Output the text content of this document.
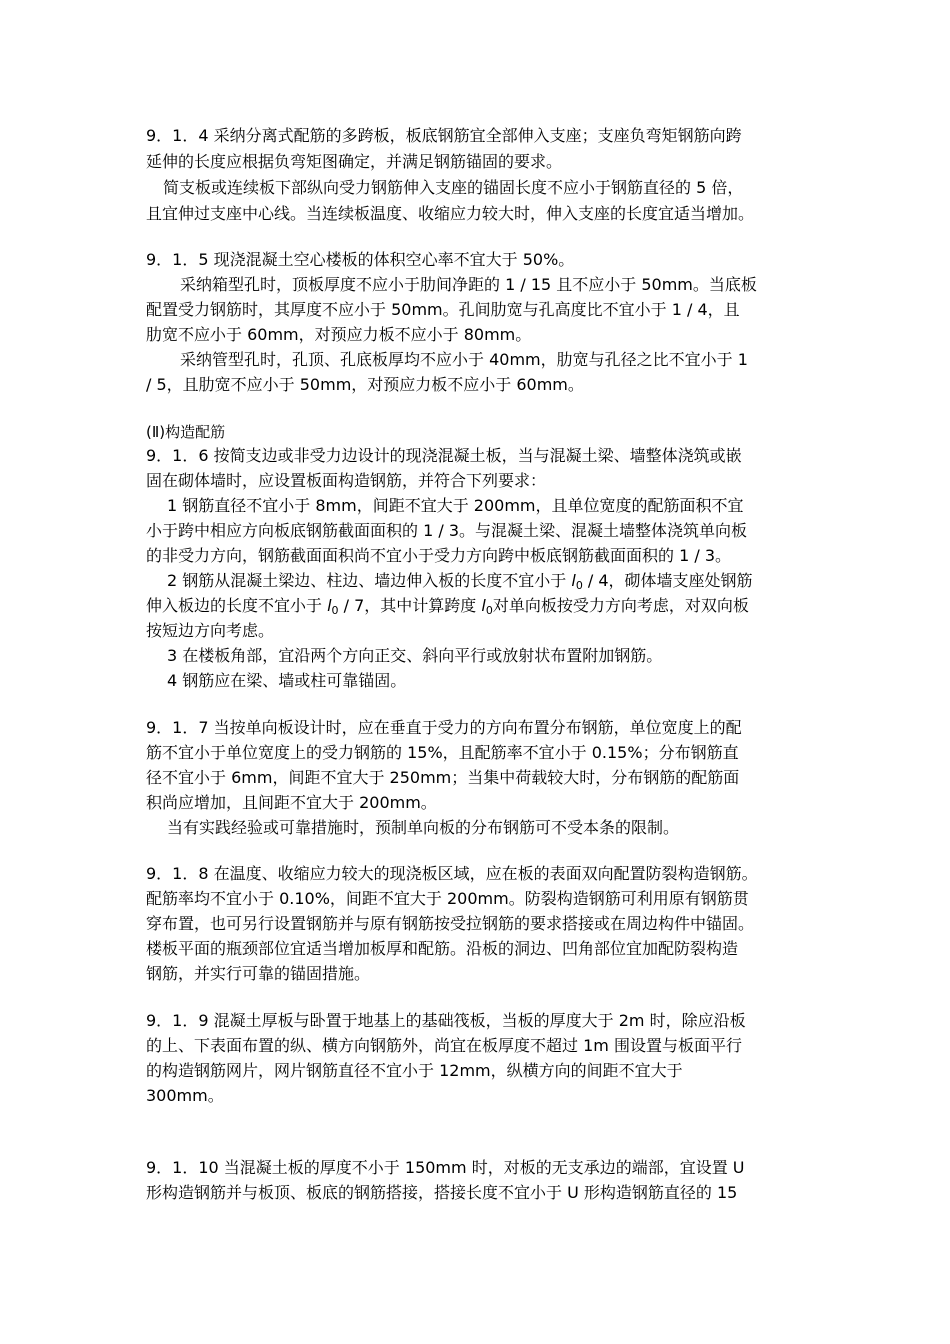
9．1．4 采纳分离式配筋的多跨板，板底钢筋宜全部伸入支座；支座负弯矩钢筋向跨
延伸的长度应根据负弯矩图确定，并满足钢筋锚固的要求。
简支板或连续板下部纵向受力钢筋伸入支座的锚固长度不应小于钢筋直径的 5 倍，
且宜伸过支座中心线。当连续板温度、收缩应力较大时，伸入支座的长度宜适当增加。
9．1．5 现浇混凝土空心楼板的体积空心率不宜大于 50%。
采纳箱型孔时，顶板厚度不应小于肋间净距的 1 / 15 且不应小于 50mm。当底板
配置受力钢筋时，其厚度不应小于 50mm。孔间肋宽与孔高度比不宜小于 1 / 4，且
肋宽不应小于 60mm，对预应力板不应小于 80mm。
采纳管型孔时，孔顶、孔底板厚均不应小于 40mm，肋宽与孔径之比不宜小于 1
/ 5，且肋宽不应小于 50mm，对预应力板不应小于 60mm。
(Ⅱ)构造配筋
9．1．6 按简支边或非受力边设计的现浇混凝土板，当与混凝土梁、墙整体浇筑或嵌
固在砌体墙时，应设置板面构造钢筋，并符合下列要求：
1 钢筋直径不宜小于 8mm，间距不宜大于 200mm，且单位宽度的配筋面积不宜
小于跨中相应方向板底钢筋截面面积的 1 / 3。与混凝土梁、混凝土墙整体浇筑单向板
的非受力方向，钢筋截面面积尚不宜小于受力方向跨中板底钢筋截面面积的 1 / 3。
2 钢筋从混凝土梁边、柱边、墙边伸入板的长度不宜小于 $l_0 / 4$，砌体墙支座处钢筋
伸入板边的长度不宜小于 $l_0 / 7$，其中计算跨度 $l_0$对单向板按受力方向考虑，对双向板
按短边方向考虑。
3 在楼板角部，宜沿两个方向正交、斜向平行或放射状布置附加钢筋。
4 钢筋应在梁、墙或柱可靠锚固。
9．1．7 当按单向板设计时，应在垂直于受力的方向布置分布钢筋，单位宽度上的配
筋不宜小于单位宽度上的受力钢筋的 15%，且配筋率不宜小于 0.15%；分布钢筋直
径不宜小于 6mm，间距不宜大于 250mm；当集中荷载较大时，分布钢筋的配筋面
积尚应增加，且间距不宜大于 200mm。
当有实践经验或可靠措施时，预制单向板的分布钢筋可不受本条的限制。
9．1．8 在温度、收缩应力较大的现浇板区域，应在板的表面双向配置防裂构造钢筋。
配筋率均不宜小于 0.10%，间距不宜大于 200mm。防裂构造钢筋可利用原有钢筋贯
穿布置，也可另行设置钢筋并与原有钢筋按受拉钢筋的要求搭接或在周边构件中锚固。
楼板平面的瓶颈部位宜适当增加板厚和配筋。沿板的洞边、凹角部位宜加配防裂构造
钢筋，并实行可靠的锚固措施。
9．1．9 混凝土厚板与卧置于地基上的基础筏板，当板的厚度大于 2m 时，除应沿板
的上、下表面布置的纵、横方向钢筋外，尚宜在板厚度不超过 1m 围设置与板面平行
的构造钢筋网片，网片钢筋直径不宜小于 12mm，纵横方向的间距不宜大于
300mm。
9．1．10 当混凝土板的厚度不小于 150mm 时，对板的无支承边的端部，宜设置 U
形构造钢筋并与板顶、板底的钢筋搭接，搭接长度不宜小于 U 形构造钢筋直径的 15
